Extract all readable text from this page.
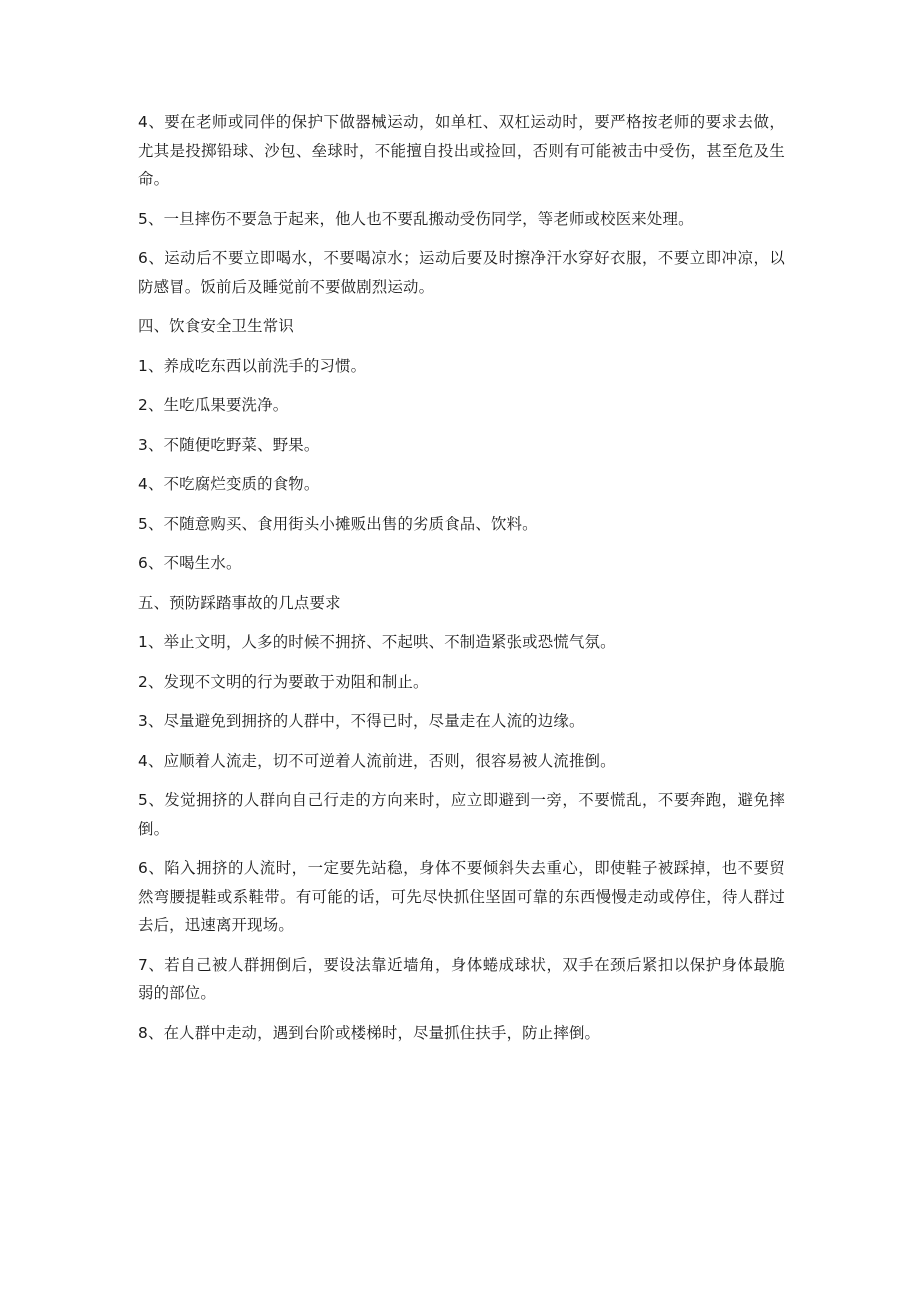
4、要在老师或同伴的保护下做器械运动，如单杠、双杠运动时，要严格按老师的要求去做，尤其是投掷铅球、沙包、垒球时，不能擅自投出或捡回，否则有可能被击中受伤，甚至危及生命。

5、一旦摔伤不要急于起来，他人也不要乱搬动受伤同学，等老师或校医来处理。

6、运动后不要立即喝水，不要喝凉水；运动后要及时擦净汗水穿好衣服，不要立即冲凉，以防感冒。饭前后及睡觉前不要做剧烈运动。

四、饮食安全卫生常识

1、养成吃东西以前洗手的习惯。

2、生吃瓜果要洗净。

3、不随便吃野菜、野果。

4、不吃腐烂变质的食物。

5、不随意购买、食用街头小摊贩出售的劣质食品、饮料。

6、不喝生水。

五、预防踩踏事故的几点要求

1、举止文明，人多的时候不拥挤、不起哄、不制造紧张或恐慌气氛。

2、发现不文明的行为要敢于劝阻和制止。

3、尽量避免到拥挤的人群中，不得已时，尽量走在人流的边缘。

4、应顺着人流走，切不可逆着人流前进，否则，很容易被人流推倒。

5、发觉拥挤的人群向自己行走的方向来时，应立即避到一旁，不要慌乱，不要奔跑，避免摔倒。

6、陷入拥挤的人流时，一定要先站稳，身体不要倾斜失去重心，即使鞋子被踩掉，也不要贸然弯腰提鞋或系鞋带。有可能的话，可先尽快抓住坚固可靠的东西慢慢走动或停住，待人群过去后，迅速离开现场。

7、若自己被人群拥倒后，要设法靠近墙角，身体蜷成球状，双手在颈后紧扣以保护身体最脆弱的部位。

8、在人群中走动，遇到台阶或楼梯时，尽量抓住扶手，防止摔倒。
